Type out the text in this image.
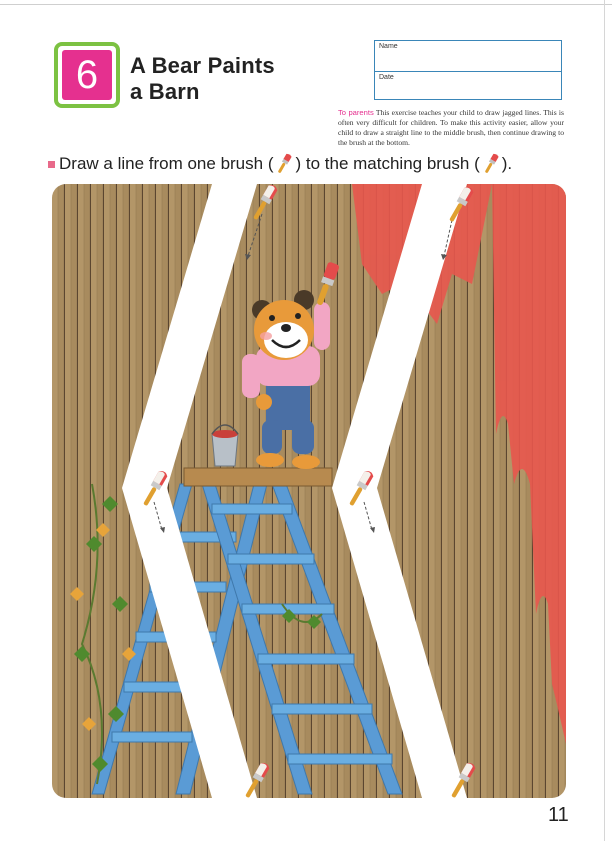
6	A Bear Paints
a Barn
Name
Date
To parents This exercise teaches your child to draw jagged lines. This is often very difficult for children. To make this activity easier, allow your child to draw a straight line to the middle brush, then continue drawing to the brush at the bottom.
Draw a line from one brush ( ) to the matching brush ( ).
11
